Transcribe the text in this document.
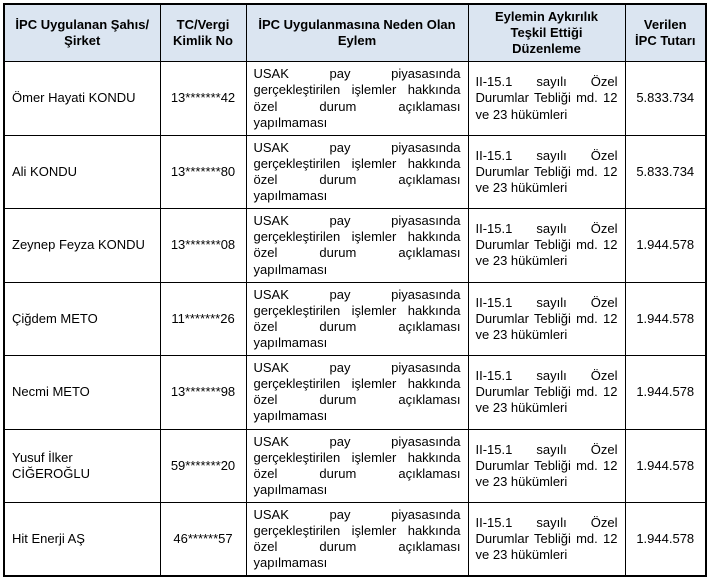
İPC Uygulanan Şahıs/Şirket	TC/Vergi Kimlik No	İPC Uygulanmasına Neden Olan Eylem	Eylemin Aykırılık Teşkil Ettiği Düzenleme	Verilen İPC Tutarı
Ömer Hayati KONDU	13*******42	USAK pay piyasasında gerçekleştirilen işlemler hakkında özel durum açıklaması yapılmaması	II-15.1 sayılı Özel Durumlar Tebliği md. 12 ve 23 hükümleri	5.833.734
Ali KONDU	13*******80	USAK pay piyasasında gerçekleştirilen işlemler hakkında özel durum açıklaması yapılmaması	II-15.1 sayılı Özel Durumlar Tebliği md. 12 ve 23 hükümleri	5.833.734
Zeynep Feyza KONDU	13*******08	USAK pay piyasasında gerçekleştirilen işlemler hakkında özel durum açıklaması yapılmaması	II-15.1 sayılı Özel Durumlar Tebliği md. 12 ve 23 hükümleri	1.944.578
Çiğdem METO	11*******26	USAK pay piyasasında gerçekleştirilen işlemler hakkında özel durum açıklaması yapılmaması	II-15.1 sayılı Özel Durumlar Tebliği md. 12 ve 23 hükümleri	1.944.578
Necmi METO	13*******98	USAK pay piyasasında gerçekleştirilen işlemler hakkında özel durum açıklaması yapılmaması	II-15.1 sayılı Özel Durumlar Tebliği md. 12 ve 23 hükümleri	1.944.578
Yusuf İlker CİĞEROĞLU	59*******20	USAK pay piyasasında gerçekleştirilen işlemler hakkında özel durum açıklaması yapılmaması	II-15.1 sayılı Özel Durumlar Tebliği md. 12 ve 23 hükümleri	1.944.578
Hit Enerji AŞ	46******57	USAK pay piyasasında gerçekleştirilen işlemler hakkında özel durum açıklaması yapılmaması	II-15.1 sayılı Özel Durumlar Tebliği md. 12 ve 23 hükümleri	1.944.578
